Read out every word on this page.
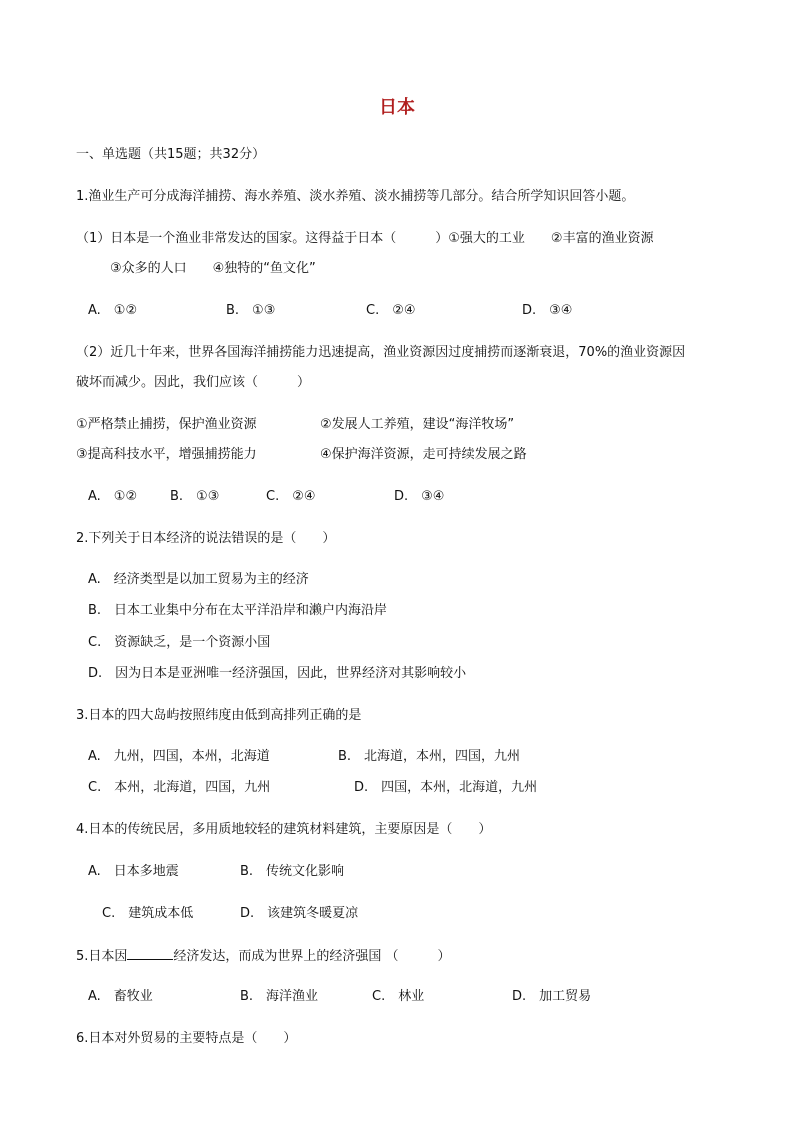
日本
一、单选题（共15题；共32分）
1.渔业生产可分成海洋捕捞、海水养殖、淡水养殖、淡水捕捞等几部分。结合所学知识回答小题。
（1）日本是一个渔业非常发达的国家。这得益于日本（　　　）①强大的工业　　②丰富的渔业资源
③众多的人口　　④独特的“鱼文化”
A.　①②	B.　①③	C.　②④	D.　③④
（2）近几十年来，世界各国海洋捕捞能力迅速提高，渔业资源因过度捕捞而逐渐衰退，70%的渔业资源因
破坏而减少。因此，我们应该（　　　）
①严格禁止捕捞，保护渔业资源	②发展人工养殖，建设“海洋牧场”
③提高科技水平，增强捕捞能力	④保护海洋资源，走可持续发展之路
A.　①②	B.　①③	C.　②④	D.　③④
2.下列关于日本经济的说法错误的是（　　）
A.　经济类型是以加工贸易为主的经济
B.　日本工业集中分布在太平洋沿岸和濑户内海沿岸
C.　资源缺乏，是一个资源小国
D.　因为日本是亚洲唯一经济强国，因此，世界经济对其影响较小
3.日本的四大岛屿按照纬度由低到高排列正确的是
A.　九州，四国，本州，北海道	B.　北海道，本州，四国，九州
C.　本州，北海道，四国，九州	D.　四国，本州，北海道，九州
4.日本的传统民居，多用质地较轻的建筑材料建筑，主要原因是（　　）
A.　日本多地震	B.　传统文化影响
C.　建筑成本低	D.　该建筑冬暖夏凉
5.日本因	经济发达，而成为世界上的经济强国 （　　　）
A.　畜牧业	B.　海洋渔业	C.　林业	D.　加工贸易
6.日本对外贸易的主要特点是（　　）
